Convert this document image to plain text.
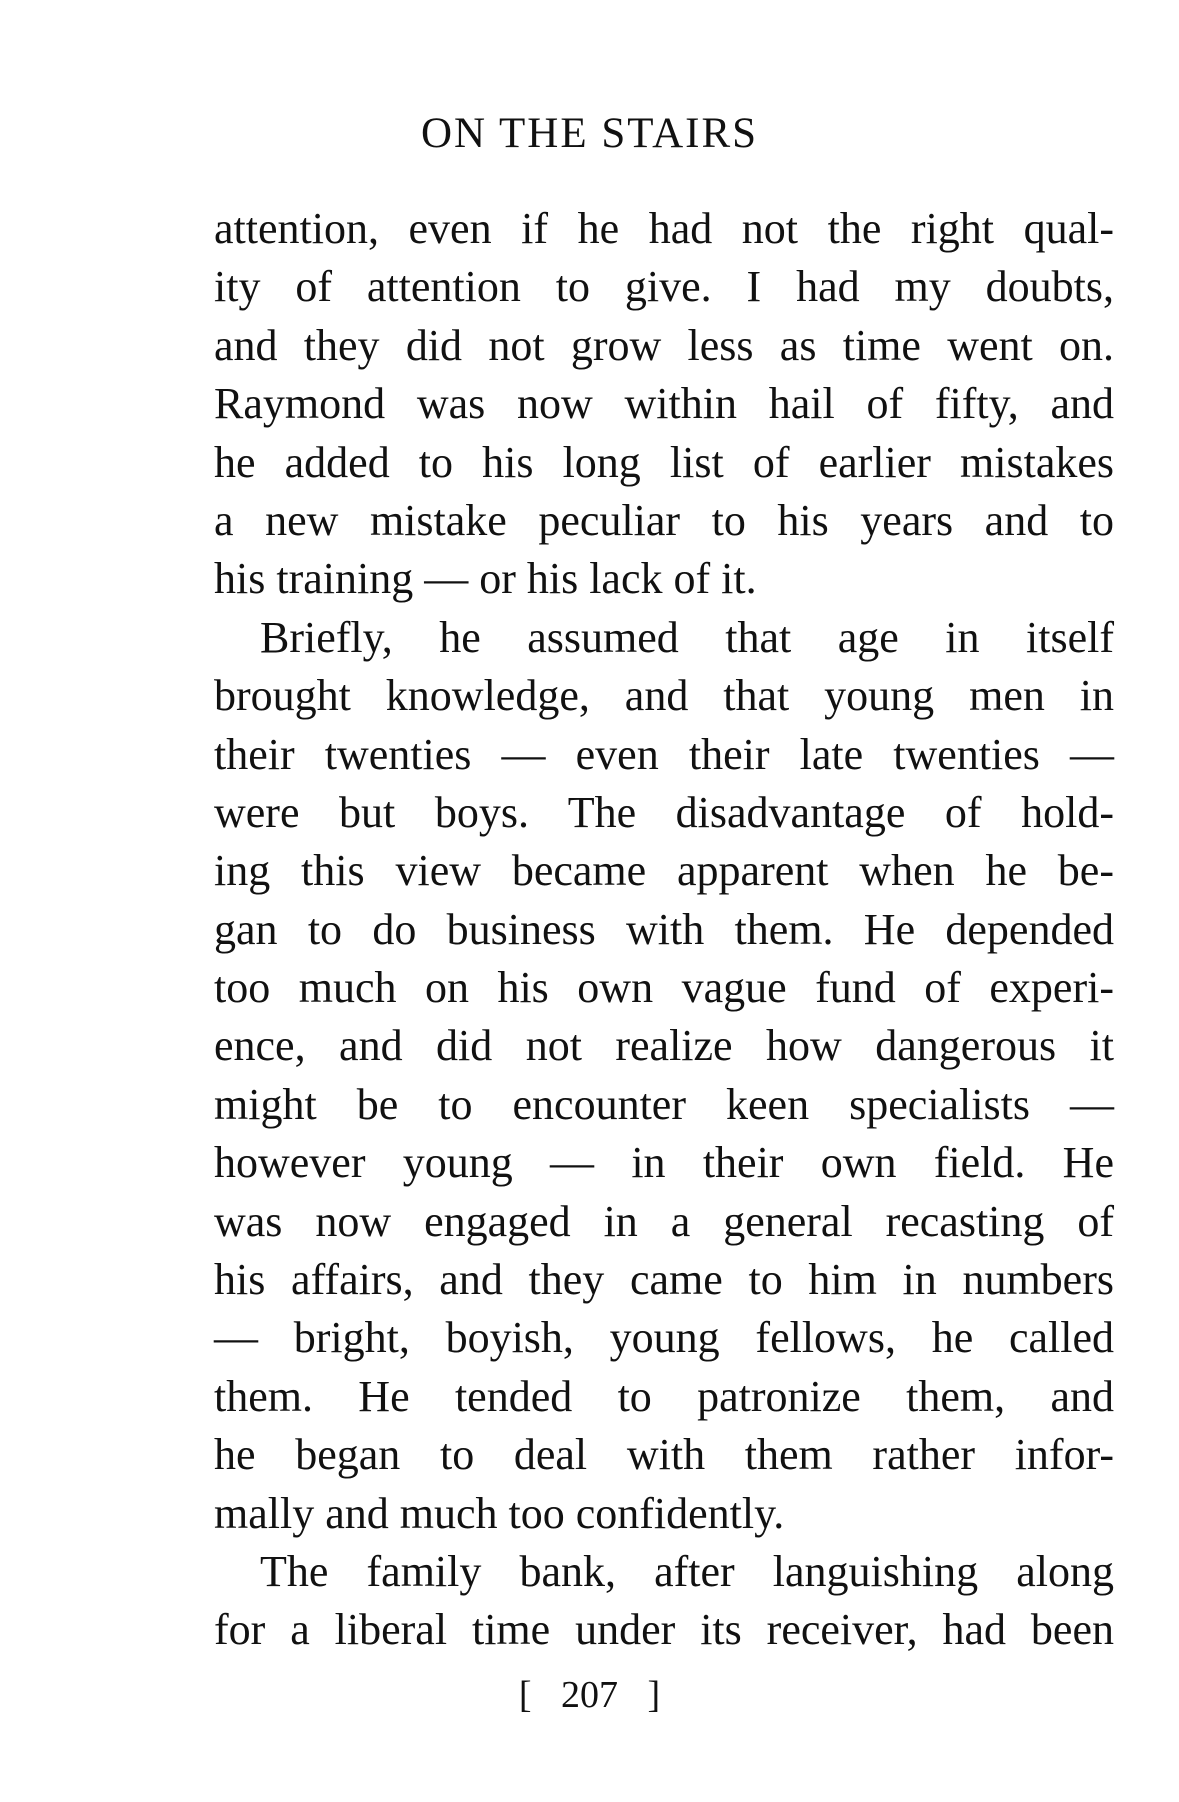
ON THE STAIRS
attention, even if he had not the right qual-
ity of attention to give. I had my doubts,
and they did not grow less as time went on.
Raymond was now within hail of fifty, and
he added to his long list of earlier mistakes
a new mistake peculiar to his years and to
his training — or his lack of it.
Briefly, he assumed that age in itself
brought knowledge, and that young men in
their twenties — even their late twenties —
were but boys. The disadvantage of hold-
ing this view became apparent when he be-
gan to do business with them. He depended
too much on his own vague fund of experi-
ence, and did not realize how dangerous it
might be to encounter keen specialists —
however young — in their own field. He
was now engaged in a general recasting of
his affairs, and they came to him in numbers
— bright, boyish, young fellows, he called
them. He tended to patronize them, and
he began to deal with them rather infor-
mally and much too confidently.
The family bank, after languishing along
for a liberal time under its receiver, had been
[ 207 ]
